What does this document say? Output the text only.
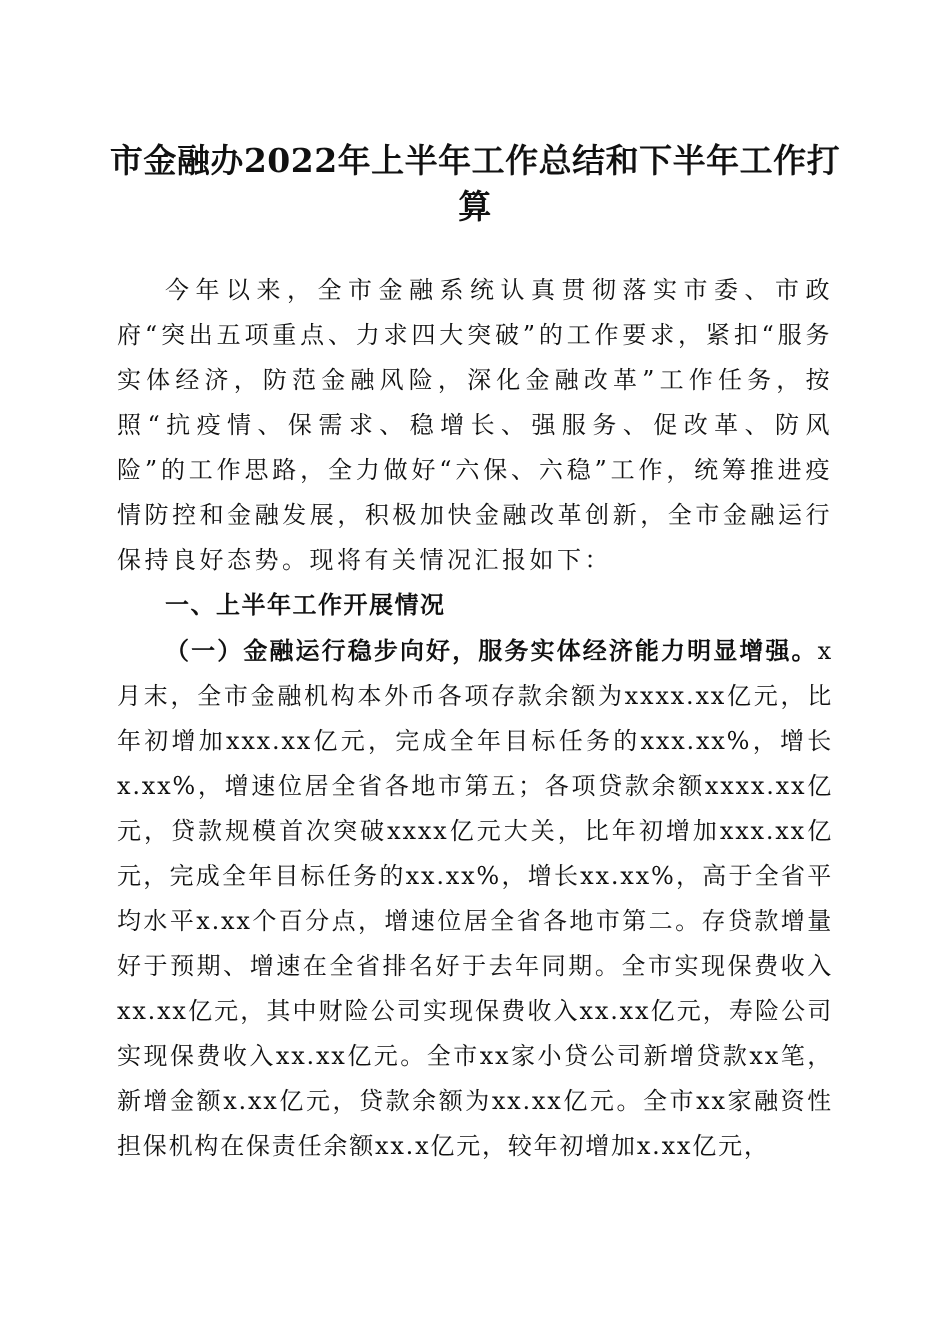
市金融办2022年上半年工作总结和下半年工作打算

今年以来，全市金融系统认真贯彻落实市委、市政府“突出五项重点、力求四大突破”的工作要求，紧扣“服务实体经济，防范金融风险，深化金融改革”工作任务，按照“抗疫情、保需求、稳增长、强服务、促改革、防风险”的工作思路，全力做好“六保、六稳”工作，统筹推进疫情防控和金融发展，积极加快金融改革创新，全市金融运行保持良好态势。现将有关情况汇报如下：

一、上半年工作开展情况

（一）金融运行稳步向好，服务实体经济能力明显增强。x月末，全市金融机构本外币各项存款余额为xxxx.xx亿元，比年初增加xxx.xx亿元，完成全年目标任务的xxx.xx%，增长x.xx%，增速位居全省各地市第五；各项贷款余额xxxx.xx亿元，贷款规模首次突破xxxx亿元大关，比年初增加xxx.xx亿元，完成全年目标任务的xx.xx%，增长xx.xx%，高于全省平均水平x.xx个百分点，增速位居全省各地市第二。存贷款增量好于预期、增速在全省排名好于去年同期。全市实现保费收入xx.xx亿元，其中财险公司实现保费收入xx.xx亿元，寿险公司实现保费收入xx.xx亿元。全市xx家小贷公司新增贷款xx笔，新增金额x.xx亿元，贷款余额为xx.xx亿元。全市xx家融资性担保机构在保责任余额xx.x亿元，较年初增加x.xx亿元，
